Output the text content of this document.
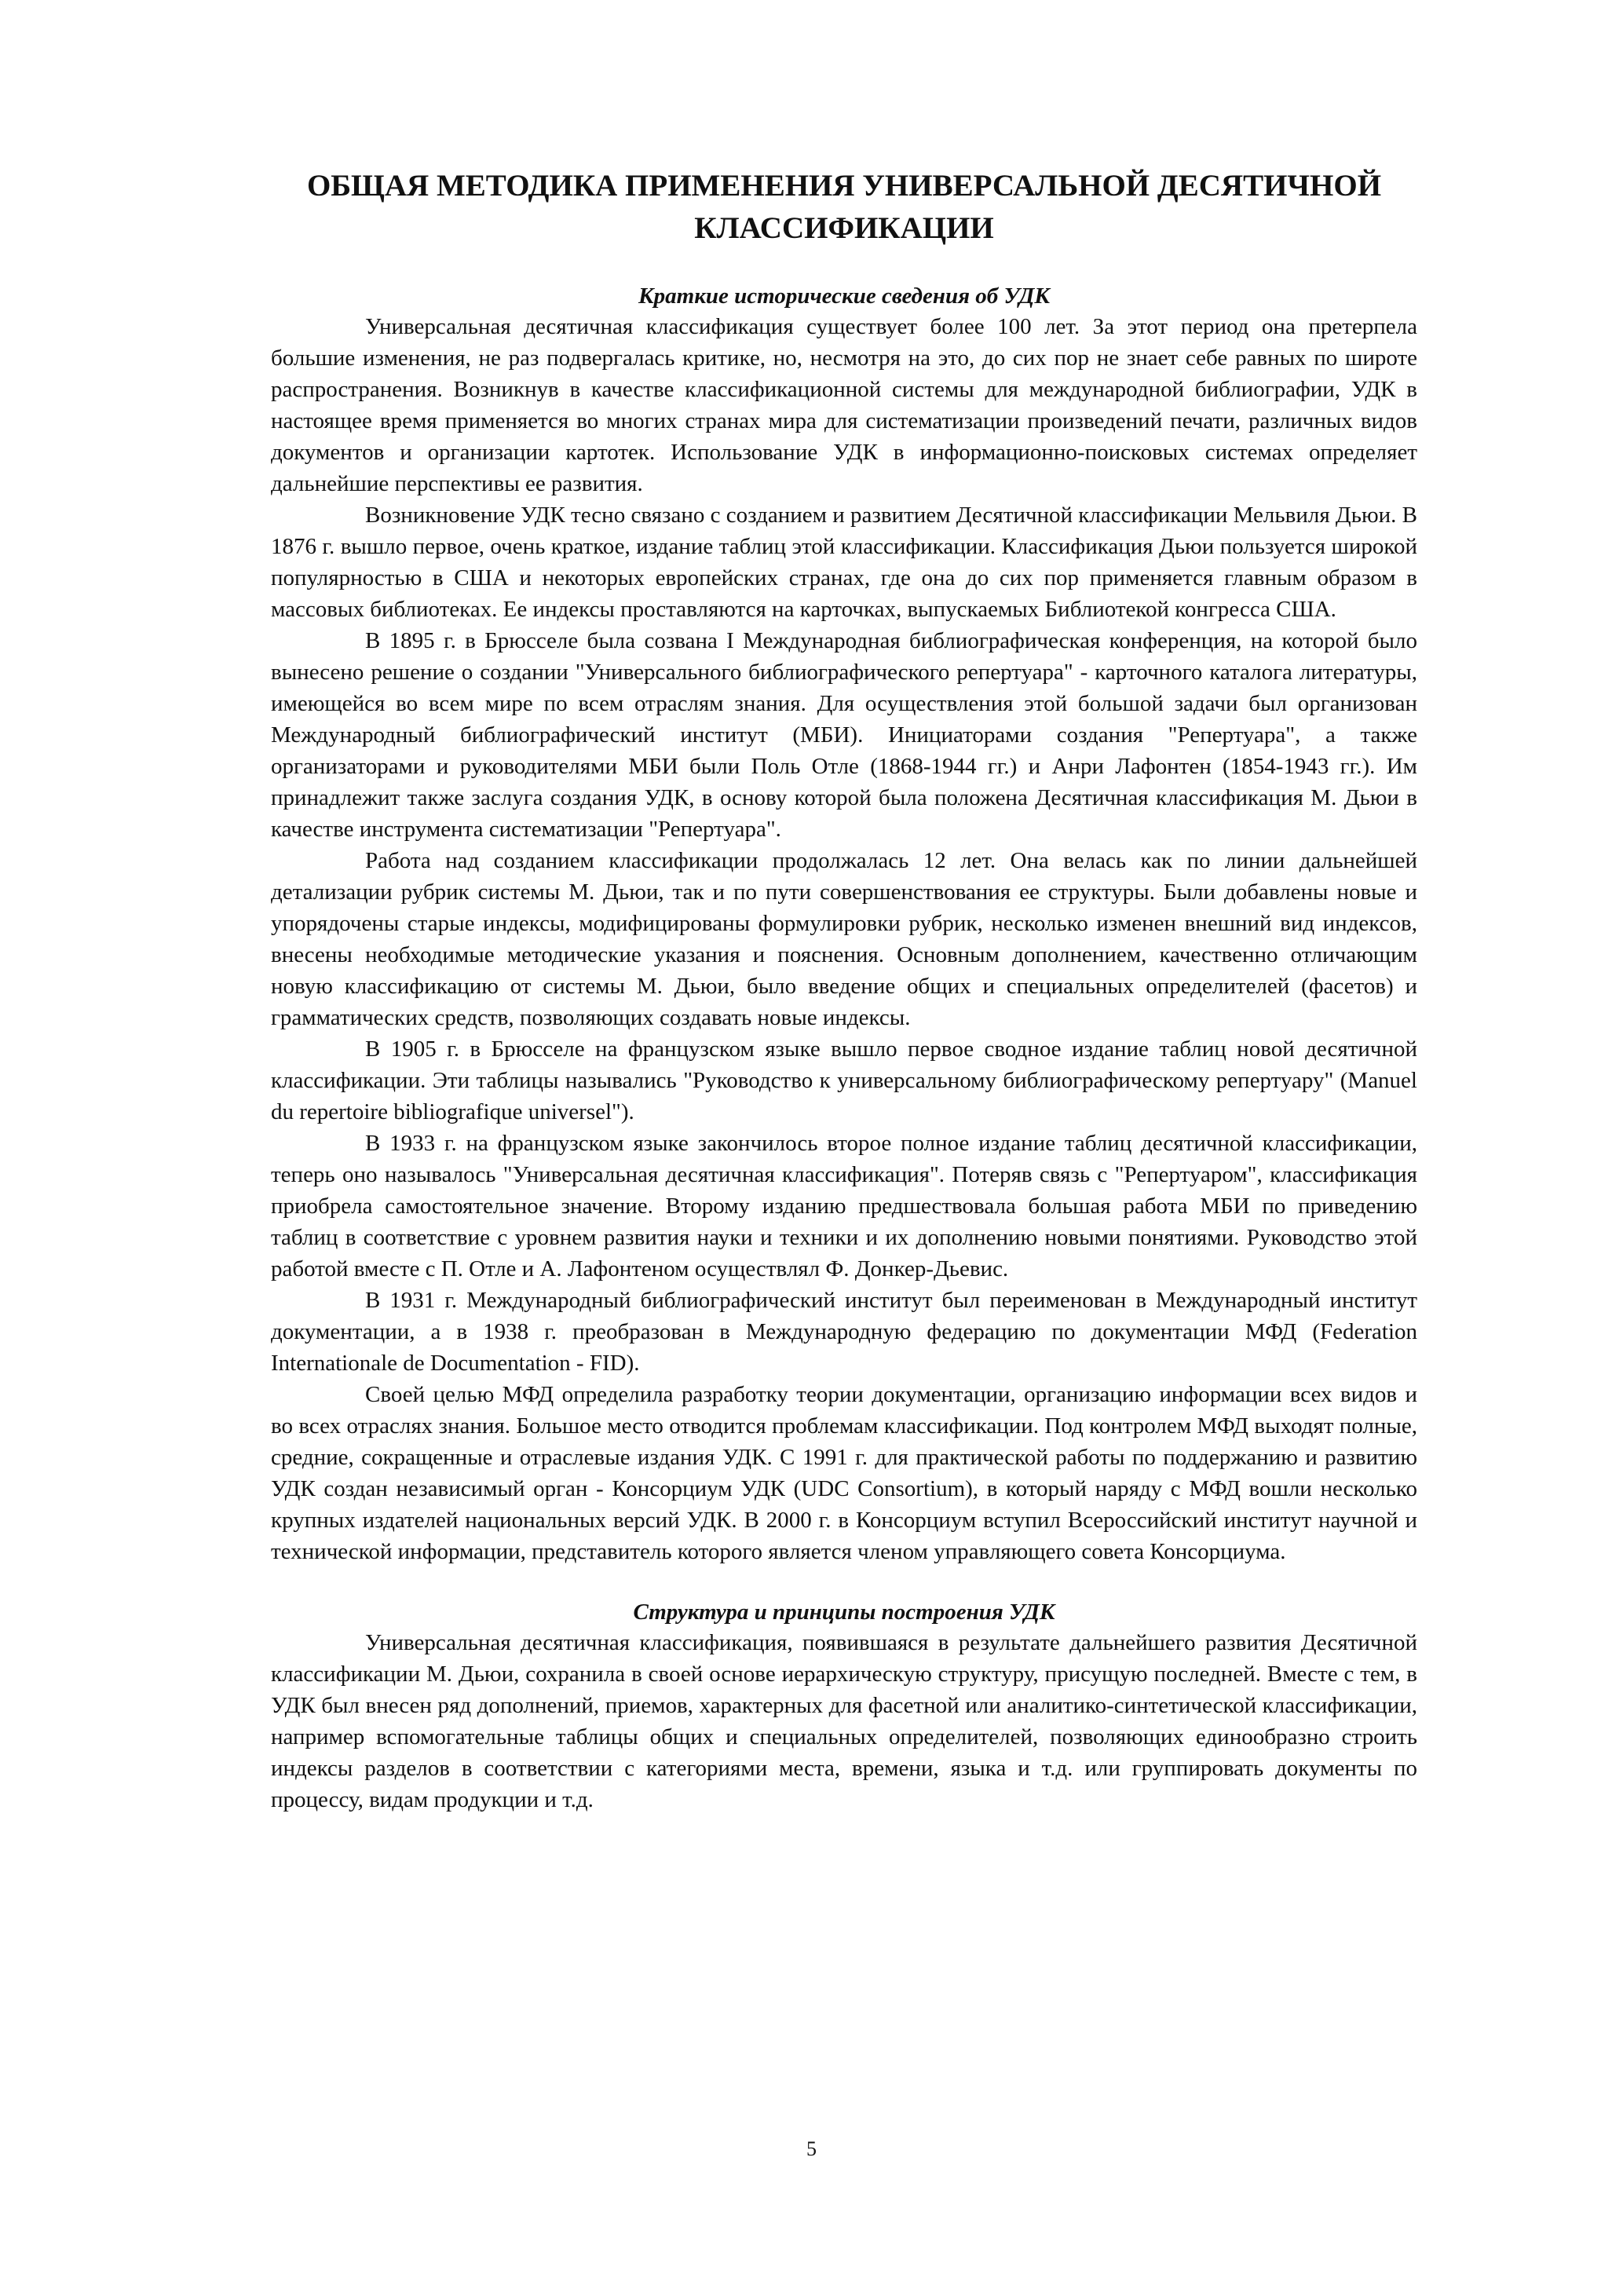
ОБЩАЯ МЕТОДИКА ПРИМЕНЕНИЯ УНИВЕРСАЛЬНОЙ ДЕСЯТИЧНОЙ
КЛАССИФИКАЦИИ
Краткие исторические сведения об УДК

Универсальная десятичная классификация существует более 100 лет. За этот период она претерпела большие изменения, не раз подвергалась критике, но, несмотря на это, до сих пор не знает себе равных по широте распространения. Возникнув в качестве классификационной системы для международной библиографии, УДК в настоящее время применяется во многих странах мира для систематизации произведений печати, различных видов документов и организации картотек. Использование УДК в информационно-поисковых системах определяет дальнейшие перспективы ее развития.

Возникновение УДК тесно связано с созданием и развитием Десятичной классификации Мельвиля Дьюи. В 1876 г. вышло первое, очень краткое, издание таблиц этой классификации. Классификация Дьюи пользуется широкой популярностью в США и некоторых европейских странах, где она до сих пор применяется главным образом в массовых библиотеках. Ее индексы проставляются на карточках, выпускаемых Библиотекой конгресса США.

В 1895 г. в Брюсселе была созвана I Международная библиографическая конференция, на которой было вынесено решение о создании "Универсального библиографического репертуара" - карточного каталога литературы, имеющейся во всем мире по всем отраслям знания. Для осуществления этой большой задачи был организован Международный библиографический институт (МБИ). Инициаторами создания "Репертуара", а также организаторами и руководителями МБИ были Поль Отле (1868-1944 гг.) и Анри Лафонтен (1854-1943 гг.). Им принадлежит также заслуга создания УДК, в основу которой была положена Десятичная классификация М. Дьюи в качестве инструмента систематизации "Репертуара".

Работа над созданием классификации продолжалась 12 лет. Она велась как по линии дальнейшей детализации рубрик системы М. Дьюи, так и по пути совершенствования ее структуры. Были добавлены новые и упорядочены старые индексы, модифицированы формулировки рубрик, несколько изменен внешний вид индексов, внесены необходимые методические указания и пояснения. Основным дополнением, качественно отличающим новую классификацию от системы М. Дьюи, было введение общих и специальных определителей (фасетов) и грамматических средств, позволяющих создавать новые индексы.

В 1905 г. в Брюсселе на французском языке вышло первое сводное издание таблиц новой десятичной классификации. Эти таблицы назывались "Руководство к универсальному библиографическому репертуару" (Manuel du repertoire bibliografique universel").

В 1933 г. на французском языке закончилось второе полное издание таблиц десятичной классификации, теперь оно называлось "Универсальная десятичная классификация". Потеряв связь с "Репертуаром", классификация приобрела самостоятельное значение. Второму изданию предшествовала большая работа МБИ по приведению таблиц в соответствие с уровнем развития науки и техники и их дополнению новыми понятиями. Руководство этой работой вместе с П. Отле и А. Лафонтеном осуществлял Ф. Донкер-Дьевис.

В 1931 г. Международный библиографический институт был переименован в Международный институт документации, а в 1938 г. преобразован в Международную федерацию по документации МФД (Federation Internationale de Documentation - FID).

Своей целью МФД определила разработку теории документации, организацию информации всех видов и во всех отраслях знания. Большое место отводится проблемам классификации. Под контролем МФД выходят полные, средние, сокращенные и отраслевые издания УДК. С 1991 г. для практической работы по поддержанию и развитию УДК создан независимый орган - Консорциум УДК (UDC Consortium), в который наряду с МФД вошли несколько крупных издателей национальных версий УДК. В 2000 г. в Консорциум вступил Всероссийский институт научной и технической информации, представитель которого является членом управляющего совета Консорциума.

Структура и принципы построения УДК

Универсальная десятичная классификация, появившаяся в результате дальнейшего развития Десятичной классификации М. Дьюи, сохранила в своей основе иерархическую структуру, присущую последней. Вместе с тем, в УДК был внесен ряд дополнений, приемов, характерных для фасетной или аналитико-синтетической классификации, например вспомогательные таблицы общих и специальных определителей, позволяющих единообразно строить индексы разделов в соответствии с категориями места, времени, языка и т.д. или группировать документы по процессу, видам продукции и т.д.

5
